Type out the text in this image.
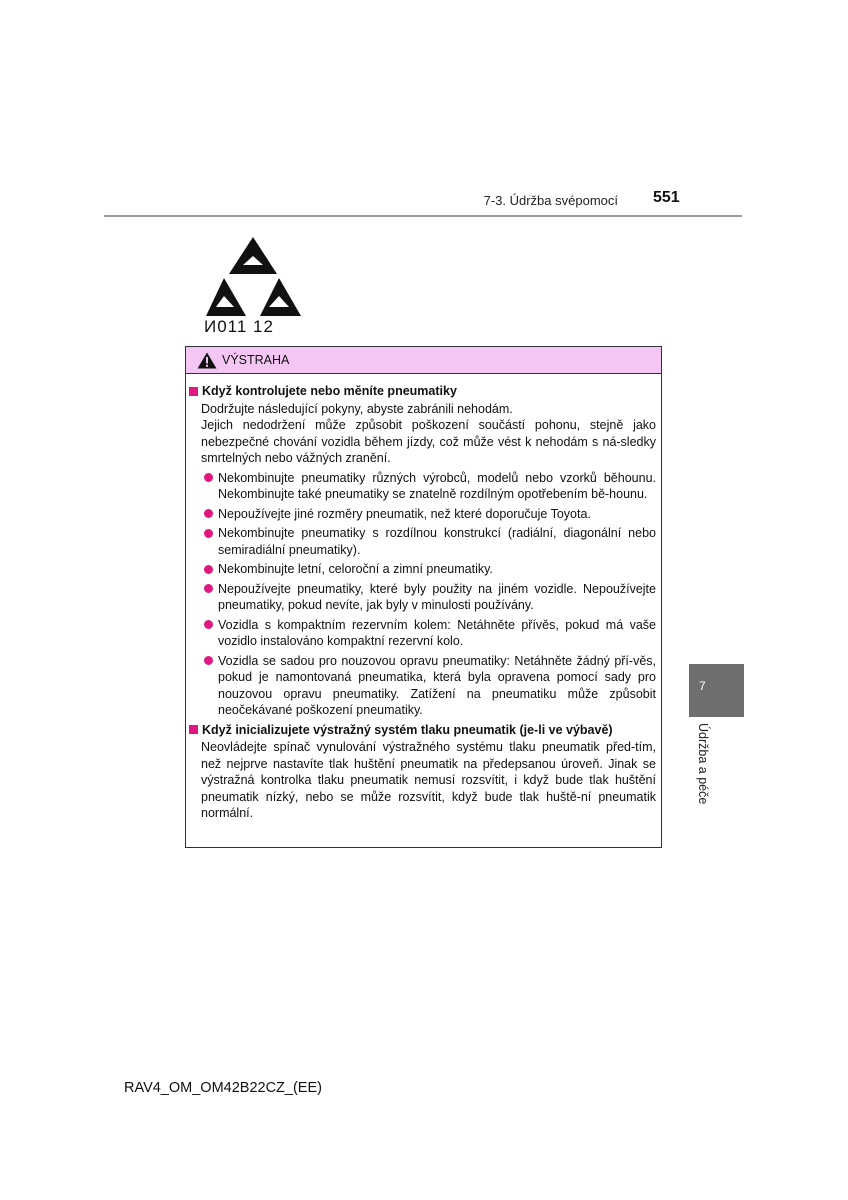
7-3. Údržba svépomocí 551
И011 12
VÝSTRAHA
Když kontrolujete nebo měníte pneumatiky
Dodržujte následující pokyny, abyste zabránili nehodám.
Jejich nedodržení může způsobit poškození součástí pohonu, stejně jako nebezpečné chování vozidla během jízdy, což může vést k nehodám s ná-sledky smrtelných nebo vážných zranění.
Nekombinujte pneumatiky různých výrobců, modelů nebo vzorků běhounu. Nekombinujte také pneumatiky se znatelně rozdílným opotřebením bě-hounu.
Nepoužívejte jiné rozměry pneumatik, než které doporučuje Toyota.
Nekombinujte pneumatiky s rozdílnou konstrukcí (radiální, diagonální nebo semiradiální pneumatiky).
Nekombinujte letní, celoroční a zimní pneumatiky.
Nepoužívejte pneumatiky, které byly použity na jiném vozidle. Nepoužívejte pneumatiky, pokud nevíte, jak byly v minulosti používány.
Vozidla s kompaktním rezervním kolem: Netáhněte přívěs, pokud má vaše vozidlo instalováno kompaktní rezervní kolo.
Vozidla se sadou pro nouzovou opravu pneumatiky: Netáhněte žádný pří-věs, pokud je namontovaná pneumatika, která byla opravena pomocí sady pro nouzovou opravu pneumatiky. Zatížení na pneumatiku může způsobit neočekávané poškození pneumatiky.
Když inicializujete výstražný systém tlaku pneumatik (je-li ve výbavě)
Neovládejte spínač vynulování výstražného systému tlaku pneumatik před-tím, než nejprve nastavíte tlak huštění pneumatik na předepsanou úroveň. Jinak se výstražná kontrolka tlaku pneumatik nemusí rozsvítit, i když bude tlak huštění pneumatik nízký, nebo se může rozsvítit, když bude tlak huště-ní pneumatik normální.
7
Údržba a péče
RAV4_OM_OM42B22CZ_(EE)
